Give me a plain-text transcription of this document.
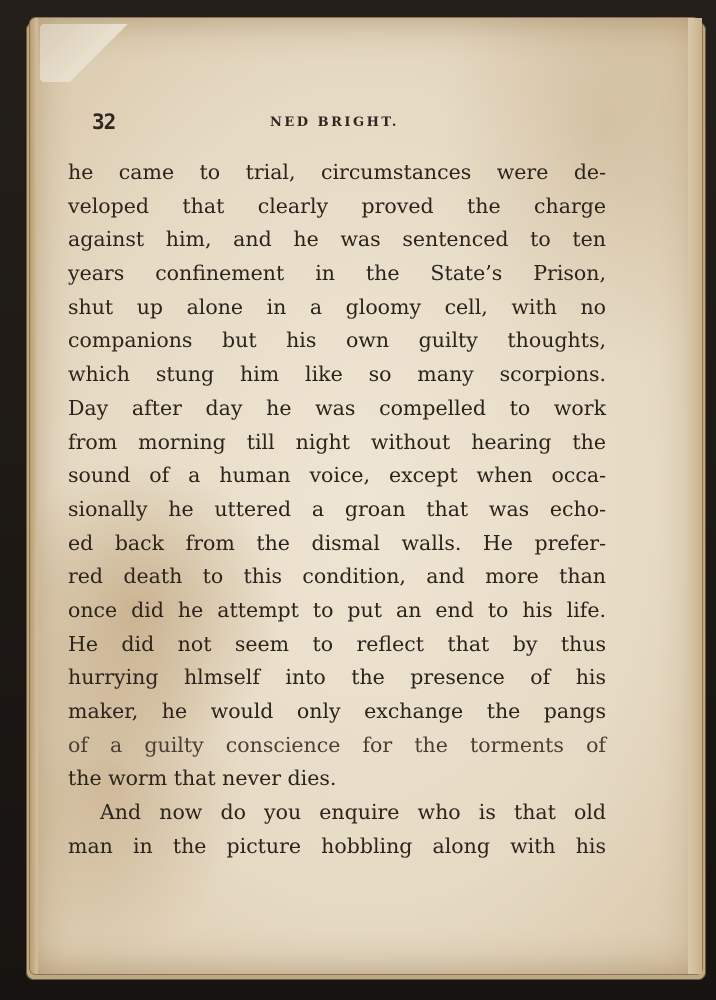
32	NED BRIGHT.
he came to trial, circumstances were de-
veloped that clearly proved the charge
against him, and he was sentenced to ten
years confinement in the State’s Prison,
shut up alone in a gloomy cell, with no
companions but his own guilty thoughts,
which stung him like so many scorpions.
Day after day he was compelled to work
from morning till night without hearing the
sound of a human voice, except when occa-
sionally he uttered a groan that was echo-
ed back from the dismal walls. He prefer-
red death to this condition, and more than
once did he attempt to put an end to his life.
He did not seem to reflect that by thus
hurrying hlmself into the presence of his
maker, he would only exchange the pangs
of a guilty conscience for the torments of
the worm that never dies.
And now do you enquire who is that old
man in the picture hobbling along with his
